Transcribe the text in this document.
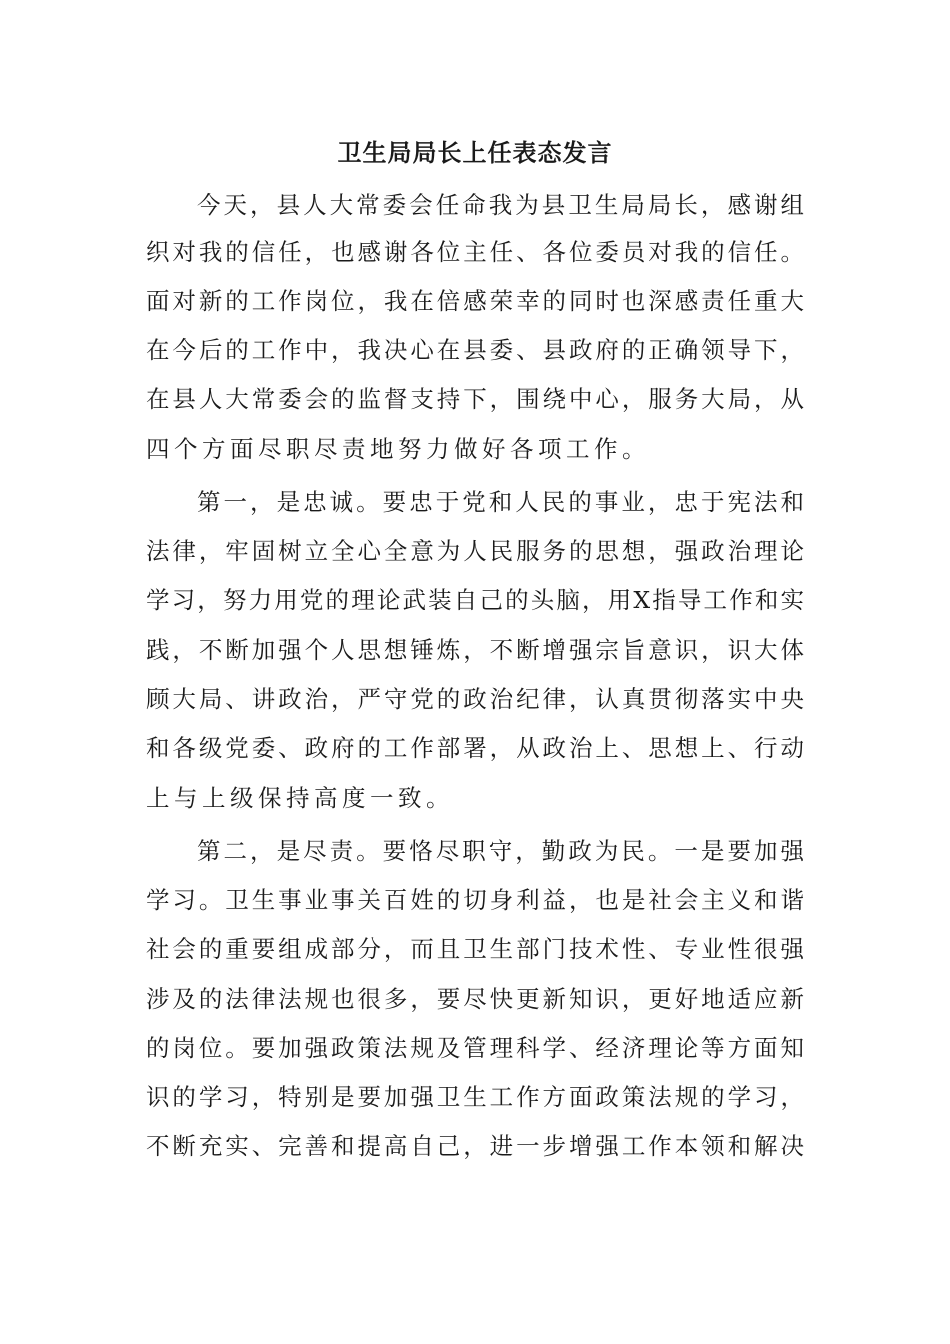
卫生局局长上任表态发言
今天，县人大常委会任命我为县卫生局局长，感谢组
织对我的信任，也感谢各位主任、各位委员对我的信任。
面对新的工作岗位，我在倍感荣幸的同时也深感责任重大
在今后的工作中，我决心在县委、县政府的正确领导下，
在县人大常委会的监督支持下，围绕中心，服务大局，从
四个方面尽职尽责地努力做好各项工作。
第一，是忠诚。要忠于党和人民的事业，忠于宪法和
法律，牢固树立全心全意为人民服务的思想，强政治理论
学习，努力用党的理论武装自己的头脑，用X指导工作和实
践，不断加强个人思想锤炼，不断增强宗旨意识，识大体
顾大局、讲政治，严守党的政治纪律，认真贯彻落实中央
和各级党委、政府的工作部署，从政治上、思想上、行动
上与上级保持高度一致。
第二，是尽责。要恪尽职守，勤政为民。一是要加强
学习。卫生事业事关百姓的切身利益，也是社会主义和谐
社会的重要组成部分，而且卫生部门技术性、专业性很强
涉及的法律法规也很多，要尽快更新知识，更好地适应新
的岗位。要加强政策法规及管理科学、经济理论等方面知
识的学习，特别是要加强卫生工作方面政策法规的学习，
不断充实、完善和提高自己，进一步增强工作本领和解决
